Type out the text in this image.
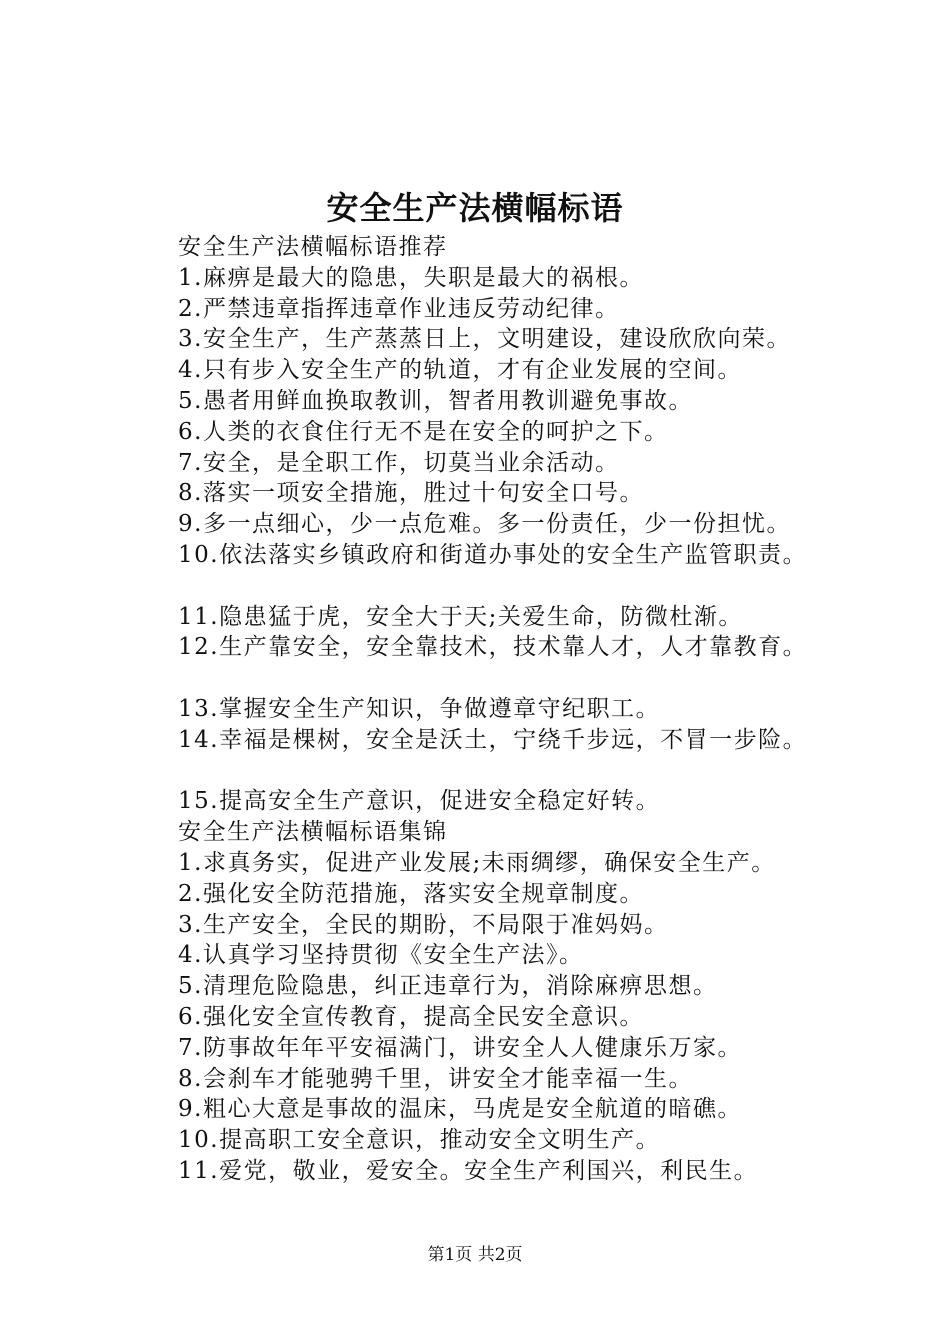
安全生产法横幅标语
安全生产法横幅标语推荐
1.麻痹是最大的隐患，失职是最大的祸根。
2.严禁违章指挥违章作业违反劳动纪律。
3.安全生产，生产蒸蒸日上，文明建设，建设欣欣向荣。
4.只有步入安全生产的轨道，才有企业发展的空间。
5.愚者用鲜血换取教训，智者用教训避免事故。
6.人类的衣食住行无不是在安全的呵护之下。
7.安全，是全职工作，切莫当业余活动。
8.落实一项安全措施，胜过十句安全口号。
9.多一点细心，少一点危难。多一份责任，少一份担忧。
10.依法落实乡镇政府和街道办事处的安全生产监管职责。
11.隐患猛于虎，安全大于天;关爱生命，防微杜渐。
12.生产靠安全，安全靠技术，技术靠人才，人才靠教育。
13.掌握安全生产知识，争做遵章守纪职工。
14.幸福是棵树，安全是沃土，宁绕千步远，不冒一步险。
15.提高安全生产意识，促进安全稳定好转。
安全生产法横幅标语集锦
1.求真务实，促进产业发展;未雨绸缪，确保安全生产。
2.强化安全防范措施，落实安全规章制度。
3.生产安全，全民的期盼，不局限于准妈妈。
4.认真学习坚持贯彻《安全生产法》。
5.清理危险隐患，纠正违章行为，消除麻痹思想。
6.强化安全宣传教育，提高全民安全意识。
7.防事故年年平安福满门，讲安全人人健康乐万家。
8.会刹车才能驰骋千里，讲安全才能幸福一生。
9.粗心大意是事故的温床，马虎是安全航道的暗礁。
10.提高职工安全意识，推动安全文明生产。
11.爱党，敬业，爱安全。安全生产利国兴，利民生。
第1页 共2页
